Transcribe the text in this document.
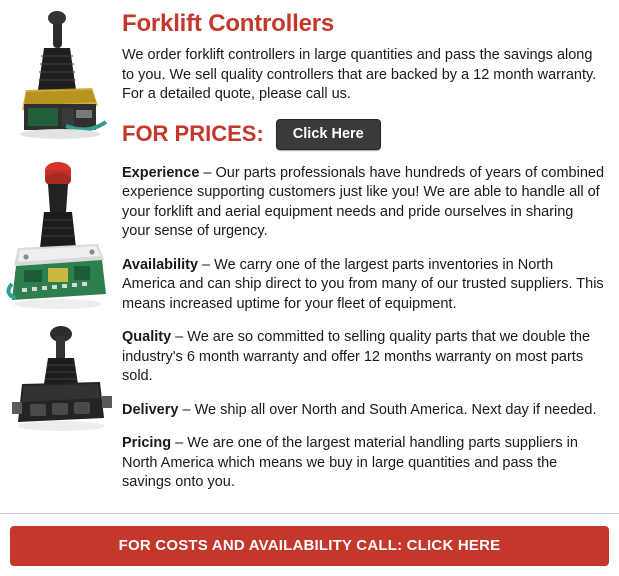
Forklift Controllers

We order forklift controllers in large quantities and pass the savings along to you. We sell quality controllers that are backed by a 12 month warranty. For a detailed quote, please call us.

FOR PRICES:	Click Here

Experience – Our parts professionals have hundreds of years of combined experience supporting customers just like you! We are able to handle all of your forklift and aerial equipment needs and pride ourselves in sharing your sense of urgency.

Availability – We carry one of the largest parts inventories in North America and can ship direct to you from many of our trusted suppliers. This means increased uptime for your fleet of equipment.

Quality – We are so committed to selling quality parts that we double the industry's 6 month warranty and offer 12 months warranty on most parts sold.

Delivery – We ship all over North and South America. Next day if needed.

Pricing – We are one of the largest material handling parts suppliers in North America which means we buy in large quantities and pass the savings onto you.

FOR COSTS AND AVAILABILITY CALL: CLICK HERE
